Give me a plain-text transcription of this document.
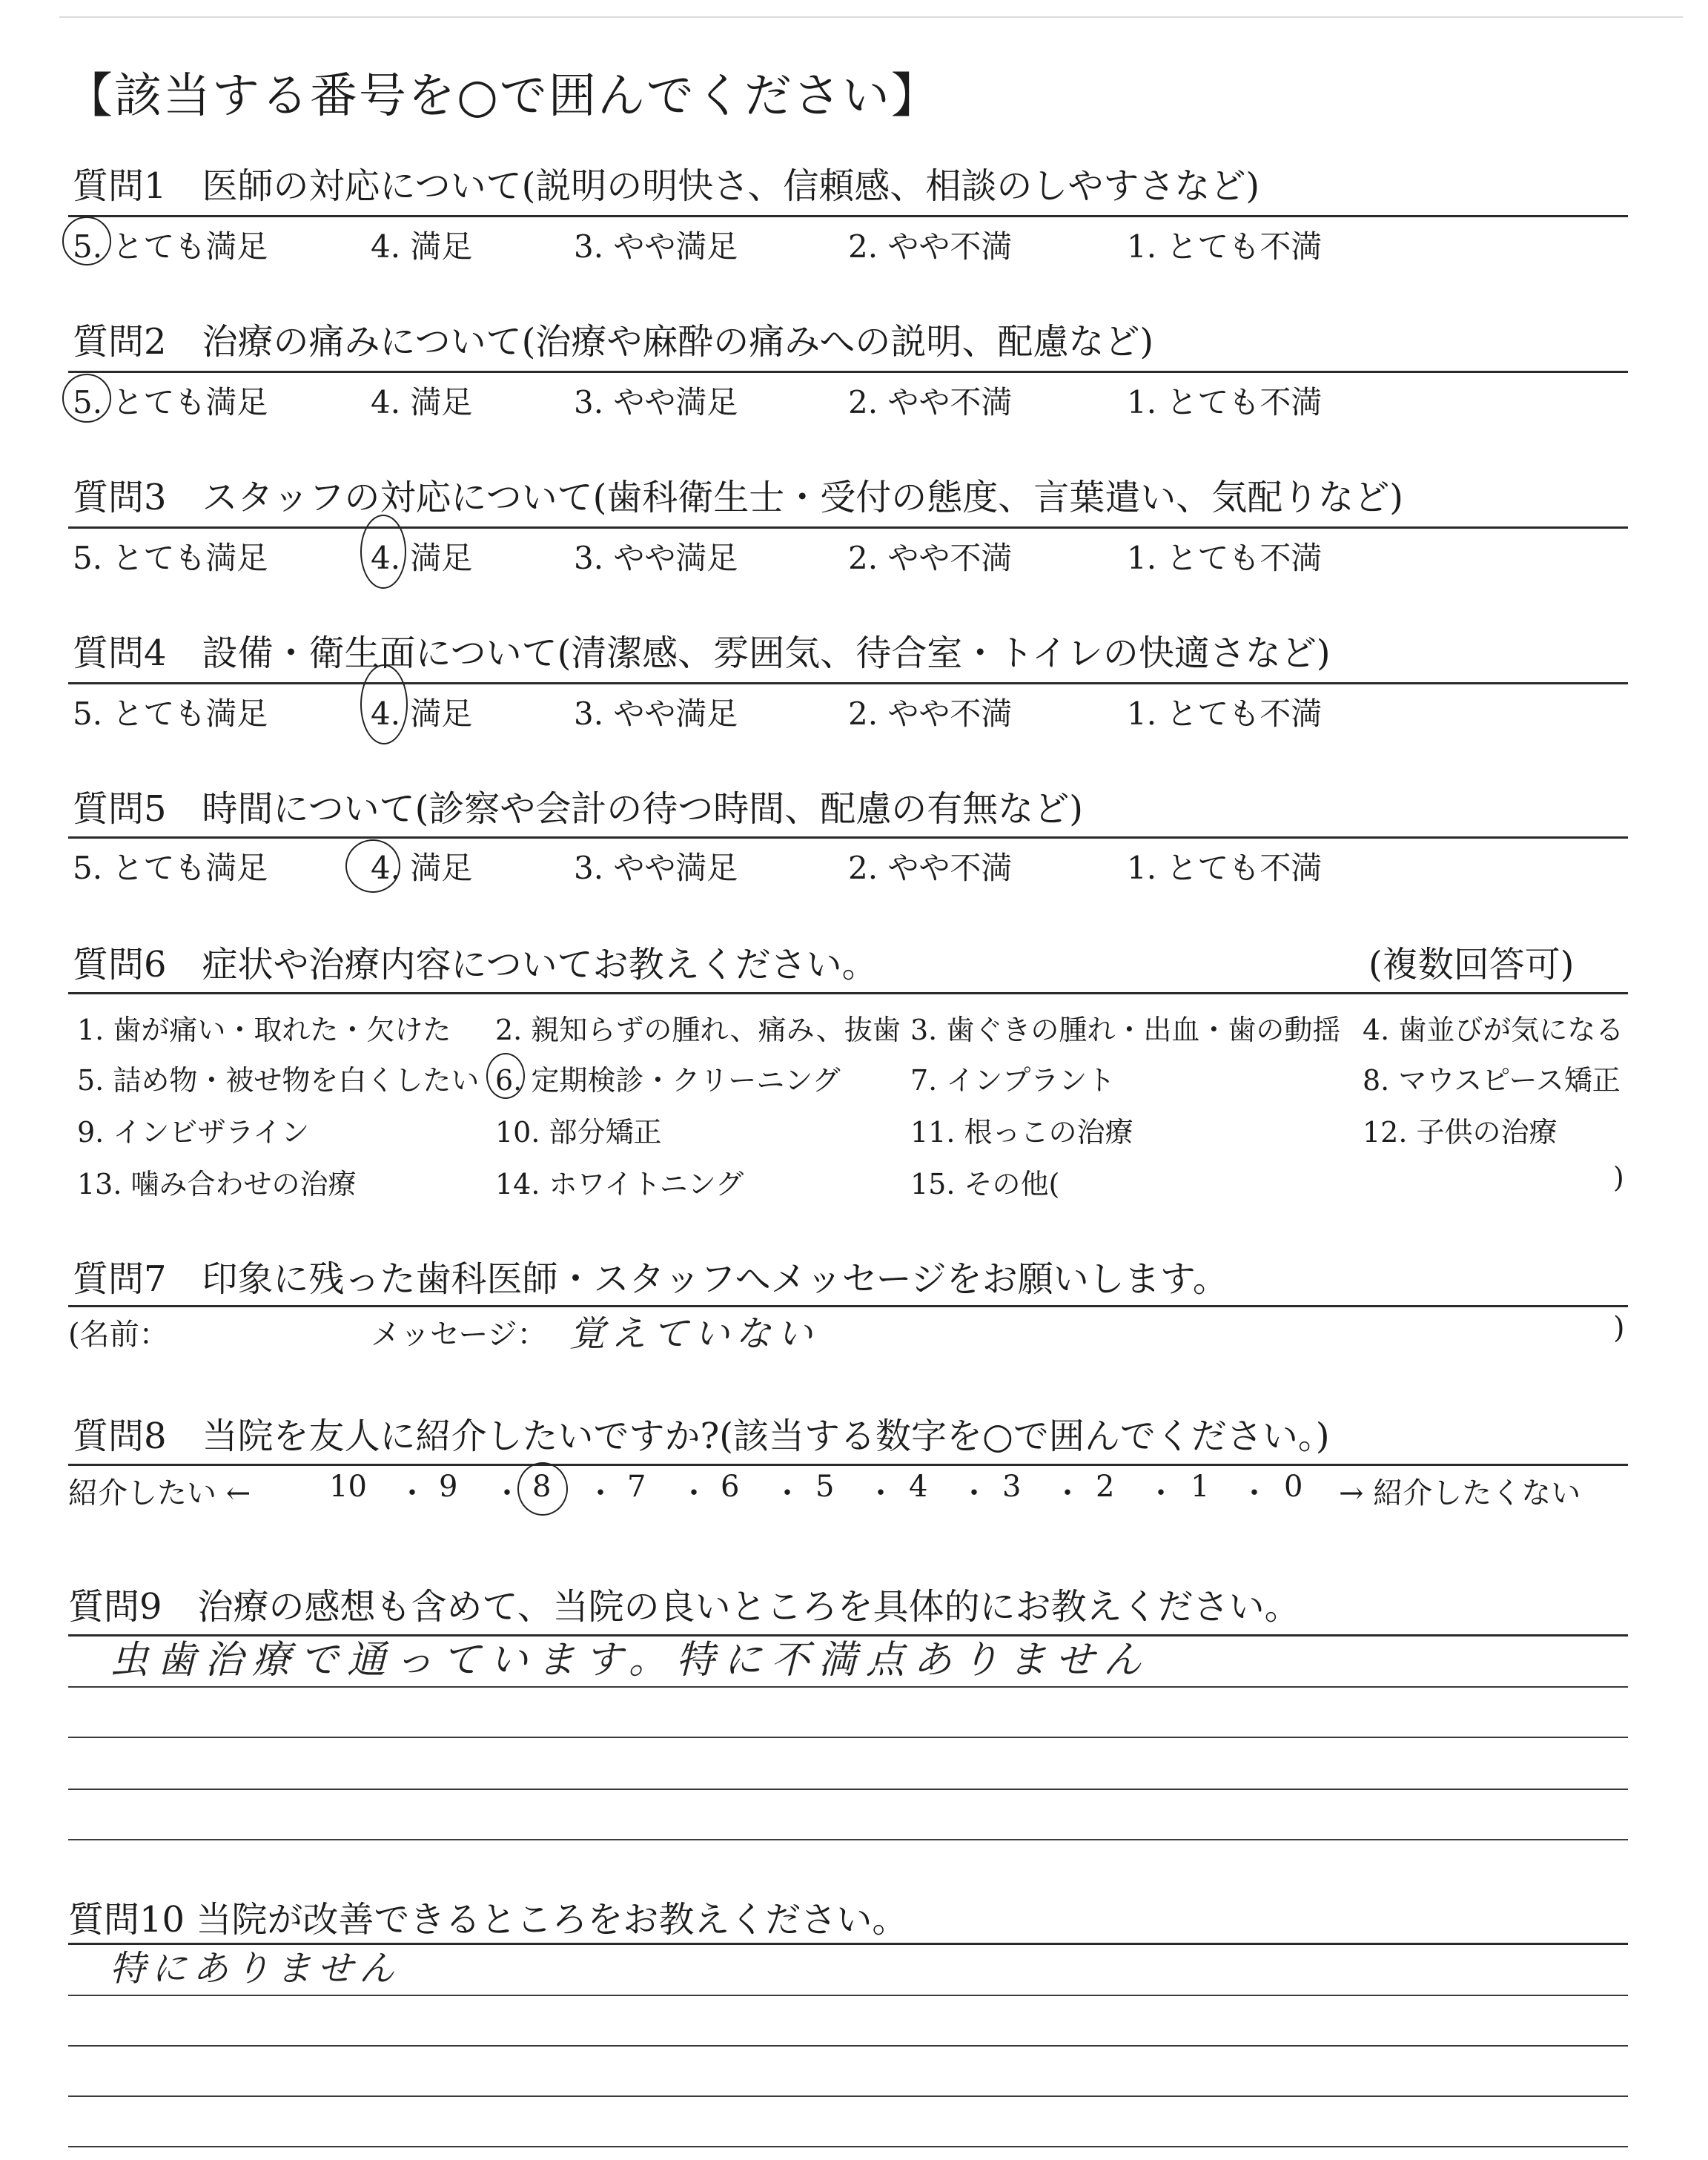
【該当する番号を○で囲んでください】
質問1　医師の対応について(説明の明快さ、信頼感、相談のしやすさなど)
5. とても満足	4. 満足	3. やや満足	2. やや不満	1. とても不満
質問2　治療の痛みについて(治療や麻酔の痛みへの説明、配慮など)
5. とても満足	4. 満足	3. やや満足	2. やや不満	1. とても不満
質問3　スタッフの対応について(歯科衛生士・受付の態度、言葉遣い、気配りなど)
5. とても満足	4. 満足	3. やや満足	2. やや不満	1. とても不満
質問4　設備・衛生面について(清潔感、雰囲気、待合室・トイレの快適さなど)
5. とても満足	4. 満足	3. やや満足	2. やや不満	1. とても不満
質問5　時間について(診察や会計の待つ時間、配慮の有無など)
5. とても満足	4. 満足	3. やや満足	2. やや不満	1. とても不満
質問6　症状や治療内容についてお教えください。	(複数回答可)
1. 歯が痛い・取れた・欠けた 2. 親知らずの腫れ、痛み、抜歯 3. 歯ぐきの腫れ・出血・歯の動揺 4. 歯並びが気になる
5. 詰め物・被せ物を白くしたい 6. 定期検診・クリーニング 7. インプラント	8. マウスピース矯正
9. インビザライン	10. 部分矯正	11. 根っこの治療	12. 子供の治療
13. 噛み合わせの治療	14. ホワイトニング	15. その他(	)
質問7　印象に残った歯科医師・スタッフへメッセージをお願いします。
(名前：	メッセージ： 覚えていない	)
質問8　当院を友人に紹介したいですか?(該当する数字を○で囲んでください。)
紹介したい ←	10 ・ 9 ・ 8 ・ 7 ・ 6 ・ 5 ・ 4 ・ 3 ・ 2 ・ 1 ・ 0 → 紹介したくない
質問9　治療の感想も含めて、当院の良いところを具体的にお教えください。
虫歯治療で通っています。特に不満点ありません
質問10 当院が改善できるところをお教えください。
特にありません
